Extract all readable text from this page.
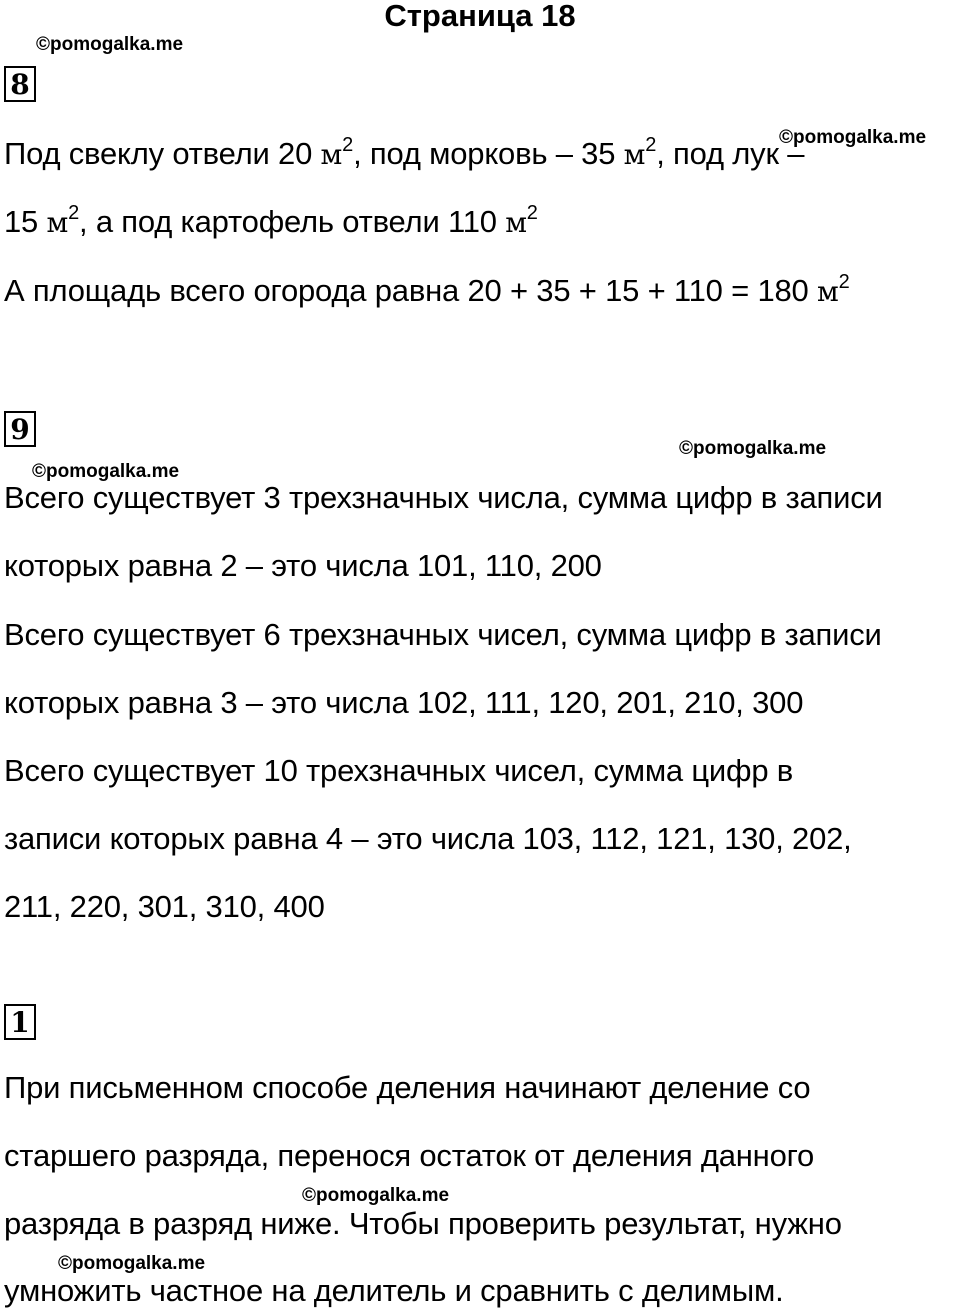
Страница 18
©pomogalka.me
©pomogalka.me
©pomogalka.me
©pomogalka.me
©pomogalka.me
©pomogalka.me
8
Под свеклу отвели 20 $м^2$, под морковь – 35 $м^2$, под лук –
15 $м^2$, а под картофель отвели 110 $м^2$
А площадь всего огорода равна 20 + 35 + 15 + 110 = 180 $м^2$
9
Всего существует 3 трехзначных числа, сумма цифр в записи
которых равна 2 – это числа 101, 110, 200
Всего существует 6 трехзначных чисел, сумма цифр в записи
которых равна 3 – это числа 102, 111, 120, 201, 210, 300
Всего существует 10 трехзначных чисел, сумма цифр в
записи которых равна 4 – это числа 103, 112, 121, 130, 202,
211, 220, 301, 310, 400
1
При письменном способе деления начинают деление со
старшего разряда, перенося остаток от деления данного
разряда в разряд ниже. Чтобы проверить результат, нужно
умножить частное на делитель и сравнить с делимым.
